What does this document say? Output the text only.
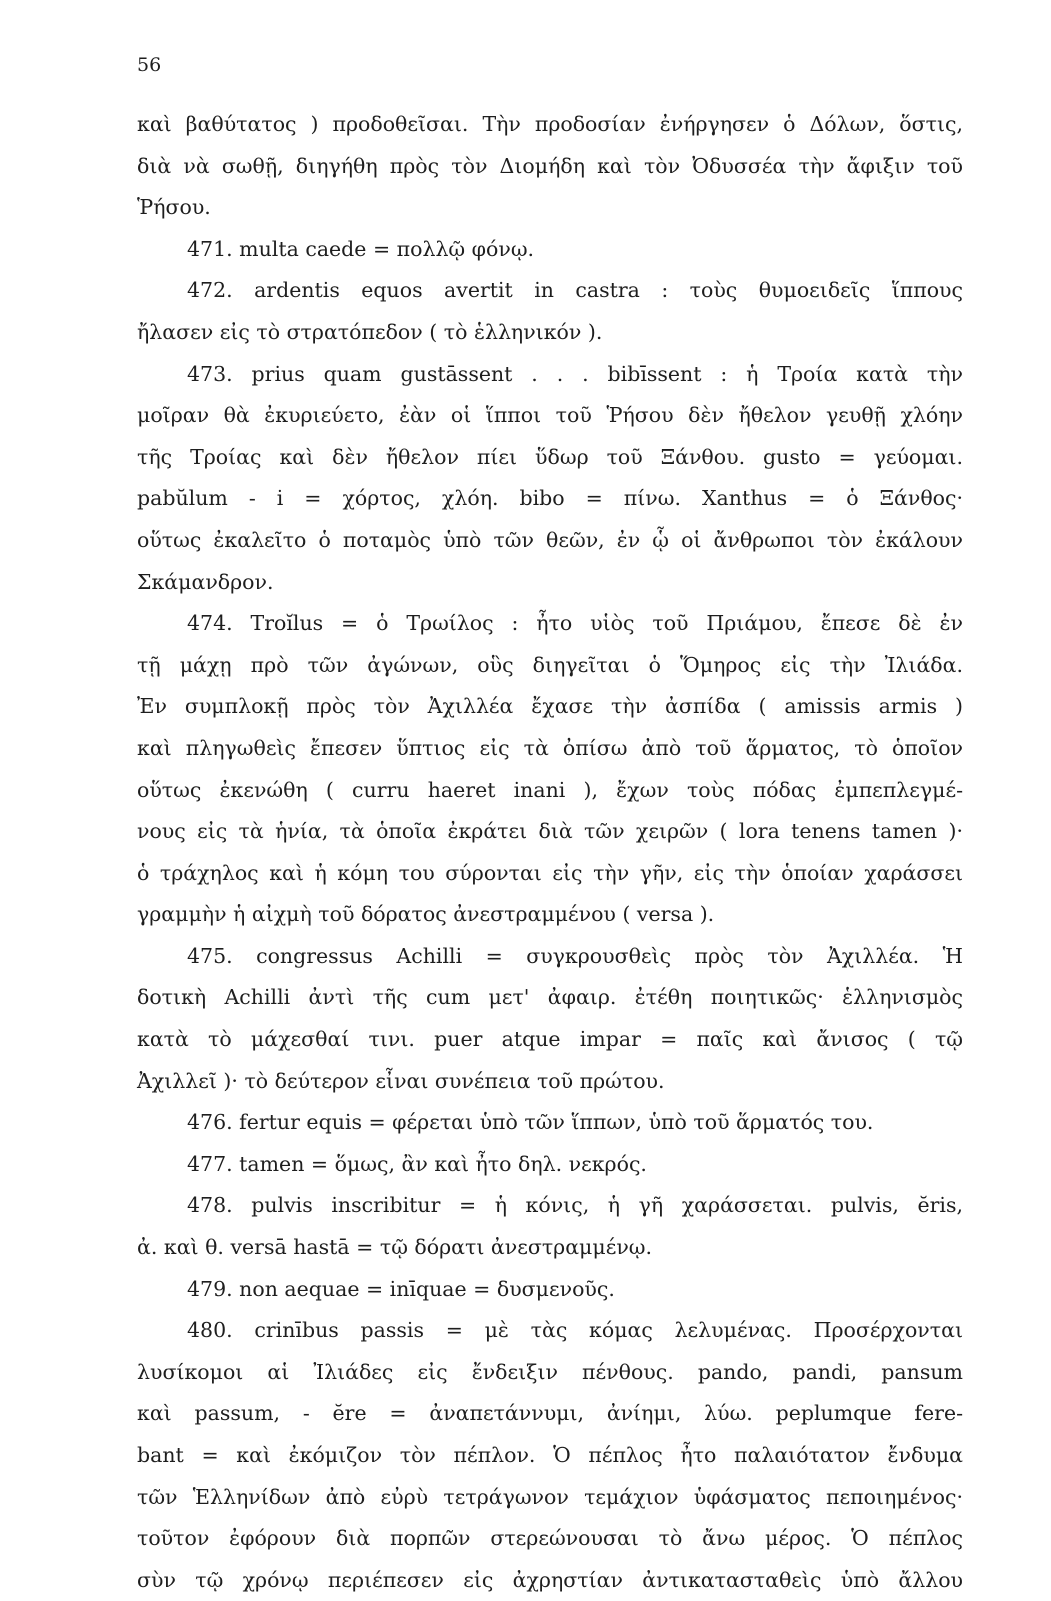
56
καὶ βαθύτατος ) προδοθεῖσαι. Τὴν προδοσίαν ἐνήργησεν ὁ Δόλων, ὅστις,
διὰ νὰ σωθῇ, διηγήθη πρὸς τὸν Διομήδη καὶ τὸν Ὀδυσσέα τὴν ἄφιξιν τοῦ
Ῥήσου.
471. multa caede = πολλῷ φόνῳ.
472. ardentis equos avertit in castra : τοὺς θυμοειδεῖς ἵππους
ἤλασεν εἰς τὸ στρατόπεδον ( τὸ ἑλληνικόν ).
473. prius quam gustāssent . . . bibīssent : ἡ Τροία κατὰ τὴν
μοῖραν θὰ ἐκυριεύετο, ἐὰν οἱ ἵπποι τοῦ Ῥήσου δὲν ἤθελον γευθῇ χλόην
τῆς Τροίας καὶ δὲν ἤθελον πίει ὕδωρ τοῦ Ξάνθου. gusto = γεύομαι.
pabŭlum - i = χόρτος, χλόη. bibo = πίνω. Xanthus = ὁ Ξάνθος·
οὕτως ἐκαλεῖτο ὁ ποταμὸς ὑπὸ τῶν θεῶν, ἐν ᾧ οἱ ἄνθρωποι τὸν ἐκάλουν
Σκάμανδρον.
474. Troĭlus = ὁ Τρωίλος : ἦτο υἱὸς τοῦ Πριάμου, ἔπεσε δὲ ἐν
τῇ μάχῃ πρὸ τῶν ἀγώνων, οὓς διηγεῖται ὁ Ὅμηρος εἰς τὴν Ἰλιάδα.
Ἐν συμπλοκῇ πρὸς τὸν Ἀχιλλέα ἔχασε τὴν ἀσπίδα ( amissis armis )
καὶ πληγωθεὶς ἔπεσεν ὕπτιος εἰς τὰ ὀπίσω ἀπὸ τοῦ ἅρματος, τὸ ὁποῖον
οὕτως ἐκενώθη ( curru haeret inani ), ἔχων τοὺς πόδας ἐμπεπλεγμέ-
νους εἰς τὰ ἡνία, τὰ ὁποῖα ἐκράτει διὰ τῶν χειρῶν ( lora tenens tamen )·
ὁ τράχηλος καὶ ἡ κόμη του σύρονται εἰς τὴν γῆν, εἰς τὴν ὁποίαν χαράσσει
γραμμὴν ἡ αἰχμὴ τοῦ δόρατος ἀνεστραμμένου ( versa ).
475. congressus Achilli = συγκρουσθεὶς πρὸς τὸν Ἀχιλλέα. Ἡ
δοτικὴ Achilli ἀντὶ τῆς cum μετ' ἀφαιρ. ἐτέθη ποιητικῶς· ἑλληνισμὸς
κατὰ τὸ μάχεσθαί τινι. puer atque impar = παῖς καὶ ἄνισος ( τῷ
Ἀχιλλεῖ )· τὸ δεύτερον εἶναι συνέπεια τοῦ πρώτου.
476. fertur equis = φέρεται ὑπὸ τῶν ἵππων, ὑπὸ τοῦ ἅρματός του.
477. tamen = ὅμως, ἂν καὶ ἦτο δηλ. νεκρός.
478. pulvis inscribitur = ἡ κόνις, ἡ γῆ χαράσσεται. pulvis, ĕris,
ἀ. καὶ θ. versā hastā = τῷ δόρατι ἀνεστραμμένῳ.
479. non aequae = inīquae = δυσμενοῦς.
480. crinībus passis = μὲ τὰς κόμας λελυμένας. Προσέρχονται
λυσίκομοι αἱ Ἰλιάδες εἰς ἔνδειξιν πένθους. pando, pandi, pansum
καὶ passum, - ĕre = ἀναπετάννυμι, ἀνίημι, λύω. peplumque fere-
bant = καὶ ἐκόμιζον τὸν πέπλον. Ὁ πέπλος ἦτο παλαιότατον ἔνδυμα
τῶν Ἑλληνίδων ἀπὸ εὐρὺ τετράγωνον τεμάχιον ὑφάσματος πεποιημένος·
τοῦτον ἐφόρουν διὰ πορπῶν στερεώνουσαι τὸ ἄνω μέρος. Ὁ πέπλος
σὺν τῷ χρόνῳ περιέπεσεν εἰς ἀχρηστίαν ἀντικατασταθεὶς ὑπὸ ἄλλου
